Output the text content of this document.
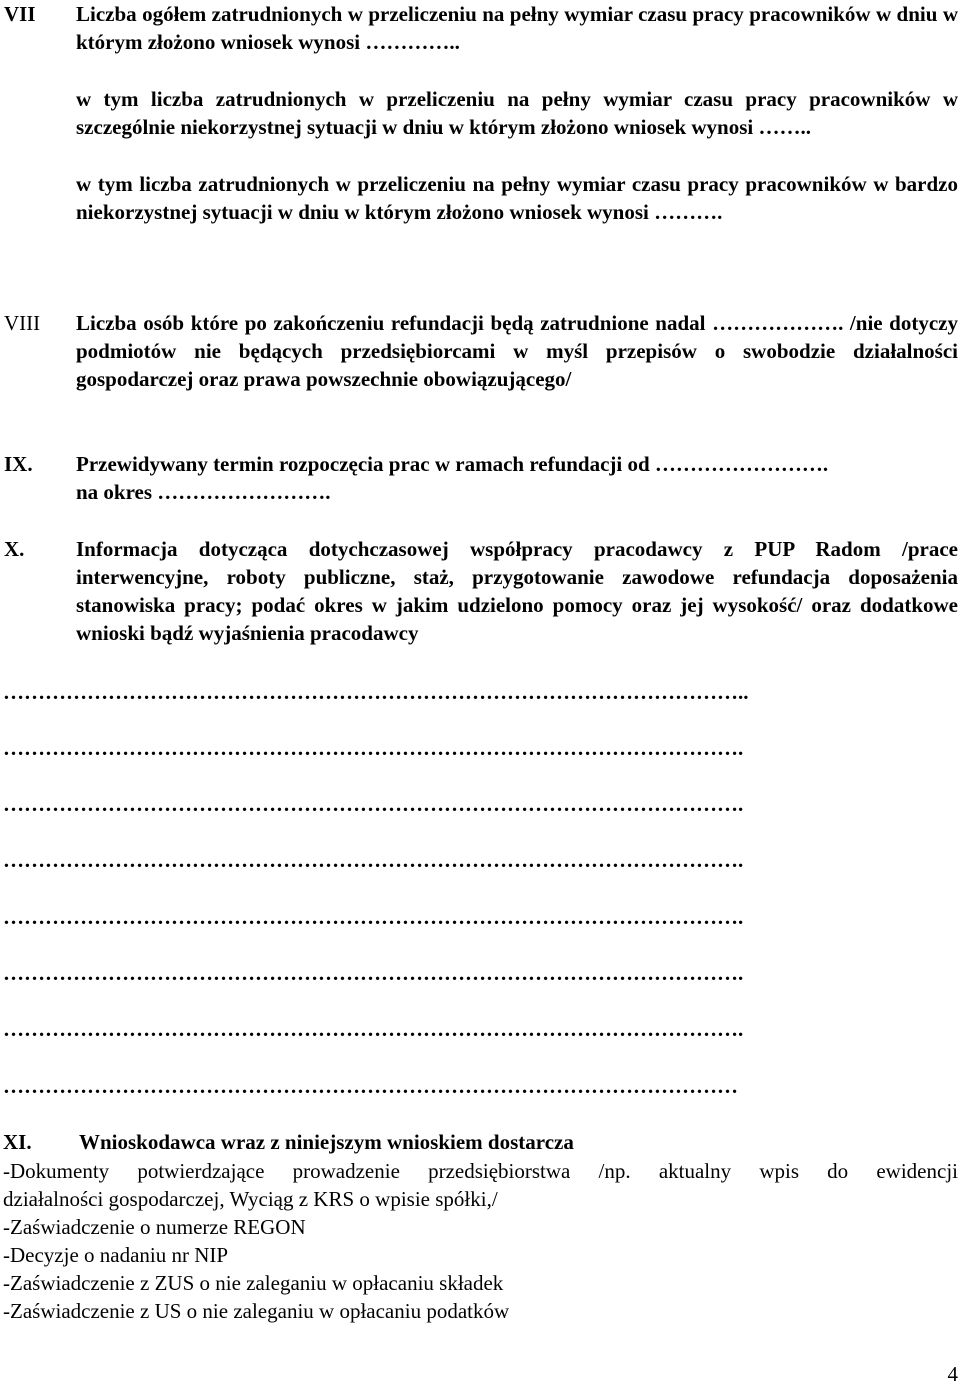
VII Liczba ogółem zatrudnionych w przeliczeniu na pełny wymiar czasu pracy pracowników w dniu w którym złożono wniosek wynosi …………..

w tym liczba zatrudnionych w przeliczeniu na pełny wymiar czasu pracy pracowników w szczególnie niekorzystnej sytuacji w dniu w którym złożono wniosek wynosi ……..

w tym liczba zatrudnionych w przeliczeniu na pełny wymiar czasu pracy pracowników w bardzo niekorzystnej sytuacji w dniu w którym złożono wniosek wynosi ……….

VIII Liczba osób które po zakończeniu refundacji będą zatrudnione nadal ………………. /nie dotyczy podmiotów nie będących przedsiębiorcami w myśl przepisów o swobodzie działalności gospodarczej oraz prawa powszechnie obowiązującego/

IX. Przewidywany termin rozpoczęcia prac w ramach refundacji od …………………….

na okres …………………….

X. Informacja dotycząca dotychczasowej współpracy pracodawcy z PUP Radom /prace interwencyjne, roboty publiczne, staż, przygotowanie zawodowe refundacja doposażenia stanowiska pracy; podać okres w jakim udzielono pomocy oraz jej wysokość/ oraz dodatkowe wnioski bądź wyjaśnienia pracodawcy

……………………………………………………………………………………………..
…………………………………………………………………………………………….
…………………………………………………………………………………………….
…………………………………………………………………………………………….
…………………………………………………………………………………………….
…………………………………………………………………………………………….
…………………………………………………………………………………………….
……………………………………………………………………………………………
XI. Wnioskodawca wraz z niniejszym wnioskiem dostarcza

-Dokumenty potwierdzające prowadzenie przedsiębiorstwa /np. aktualny wpis do ewidencji

działalności gospodarczej, Wyciąg z KRS o wpisie spółki,/

-Zaświadczenie o numerze REGON

-Decyzje o nadaniu nr NIP

-Zaświadczenie z ZUS o nie zaleganiu w opłacaniu składek

-Zaświadczenie z US o nie zaleganiu w opłacaniu podatków

4
